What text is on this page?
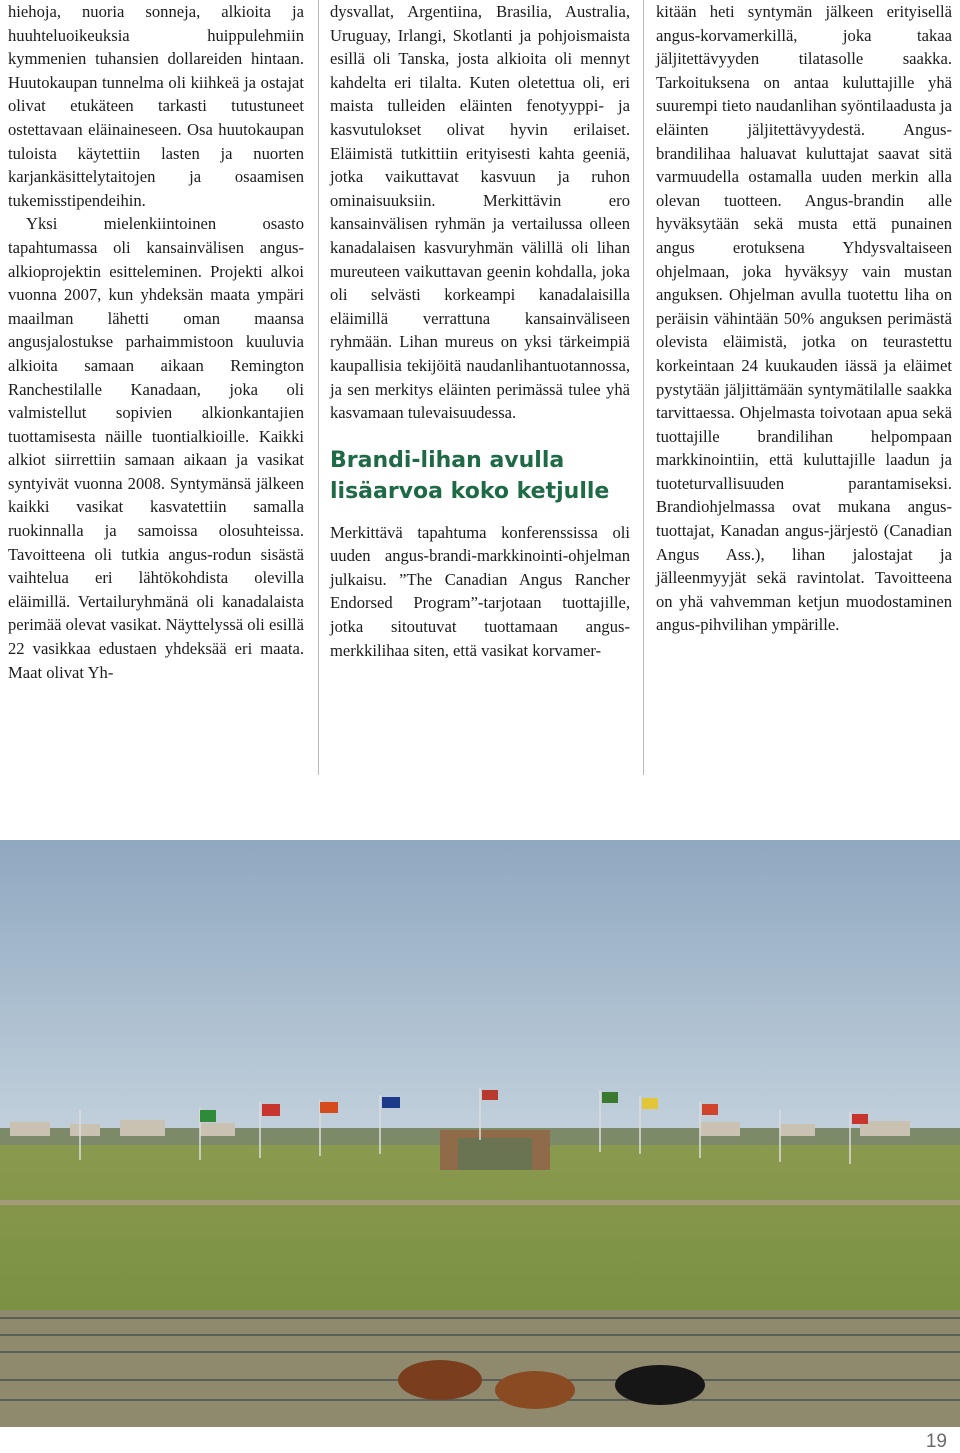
hiehoja, nuoria sonneja, alkioita ja huuhteluoikeuksia huippulehmiin kymmenien tuhansien dollareiden hintaan. Huutokaupan tunnelma oli kiihkeä ja ostajat olivat etukäteen tarkasti tutustuneet ostettavaan eläinaineseen. Osa huutokaupan tuloista käytettiin lasten ja nuorten karjankäsittelytaitojen ja osaamisen tukemisstipendeihin.

Yksi mielenkiintoinen osasto tapahtumassa oli kansainvälisen angus-alkioprojektin esitteleminen. Projekti alkoi vuonna 2007, kun yhdeksän maata ympäri maailman lähetti oman maansa angusjalostukse parhaimmistoon kuuluvia alkioita samaan aikaan Remington Ranchestilalle Kanadaan, joka oli valmistellut sopivien alkionkantajien tuottamisesta näille tuontialkioille. Kaikki alkiot siirrettiin samaan aikaan ja vasikat syntyivät vuonna 2008. Syntymänsä jälkeen kaikki vasikat kasvatettiin samalla ruokinnalla ja samoissa olosuhteissa. Tavoitteena oli tutkia angus-rodun sisästä vaihtelua eri lähtökohdista olevilla eläimillä. Vertailuryhmänä oli kanadalaista perimää olevat vasikat. Näyttelyssä oli esillä 22 vasikkaa edustaen yhdeksää eri maata. Maat olivat Yh-

dysvallat, Argentiina, Brasilia, Australia, Uruguay, Irlangi, Skotlanti ja pohjoismaista esillä oli Tanska, josta alkioita oli mennyt kahdelta eri tilalta. Kuten oletettua oli, eri maista tulleiden eläinten fenotyyppi- ja kasvutulokset olivat hyvin erilaiset. Eläimistä tutkittiin erityisesti kahta geeniä, jotka vaikuttavat kasvuun ja ruhon ominaisuuksiin. Merkittävin ero kansainvälisen ryhmän ja vertailussa olleen kanadalaisen kasvuryhmän välillä oli lihan mureuteen vaikuttavan geenin kohdalla, joka oli selvästi korkeampi kanadalaisilla eläimillä verrattuna kansainväliseen ryhmään. Lihan mureus on yksi tärkeimpiä kaupallisia tekijöitä naudanlihantuotannossa, ja sen merkitys eläinten perimässä tulee yhä kasvamaan tulevaisuudessa.

Brandi-lihan avulla lisäarvoa koko ketjulle

Merkittävä tapahtuma konferenssissa oli uuden angus-brandi-markkinointi-ohjelman julkaisu. ”The Canadian Angus Rancher Endorsed Program”-tarjotaan tuottajille, jotka sitoutuvat tuottamaan angus-merkkilihaa siten, että vasikat korvamer-

kitään heti syntymän jälkeen erityisellä angus-korvamerkillä, joka takaa jäljitettävyyden tilatasolle saakka. Tarkoituksena on antaa kuluttajille yhä suurempi tieto naudanlihan syöntilaadusta ja eläinten jäljitettävyydestä. Angus-brandilihaa haluavat kuluttajat saavat sitä varmuudella ostamalla uuden merkin alla olevan tuotteen. Angus-brandin alle hyväksytään sekä musta että punainen angus erotuksena Yhdysvaltaiseen ohjelmaan, joka hyväksyy vain mustan anguksen. Ohjelman avulla tuotettu liha on peräisin vähintään 50% anguksen perimästä olevista eläimistä, jotka on teurastettu korkeintaan 24 kuukauden iässä ja eläimet pystytään jäljittämään syntymätilalle saakka tarvittaessa. Ohjelmasta toivotaan apua sekä tuottajille brandilihan helpompaan markkinointiin, että kuluttajille laadun ja tuoteturvallisuuden parantamiseksi. Brandiohjelmassa ovat mukana angus-tuottajat, Kanadan angus-järjestö (Canadian Angus Ass.), lihan jalostajat ja jälleenmyyjät sekä ravintolat. Tavoitteena on yhä vahvemman ketjun muodostaminen angus-pihvilihan ympärille.

19
